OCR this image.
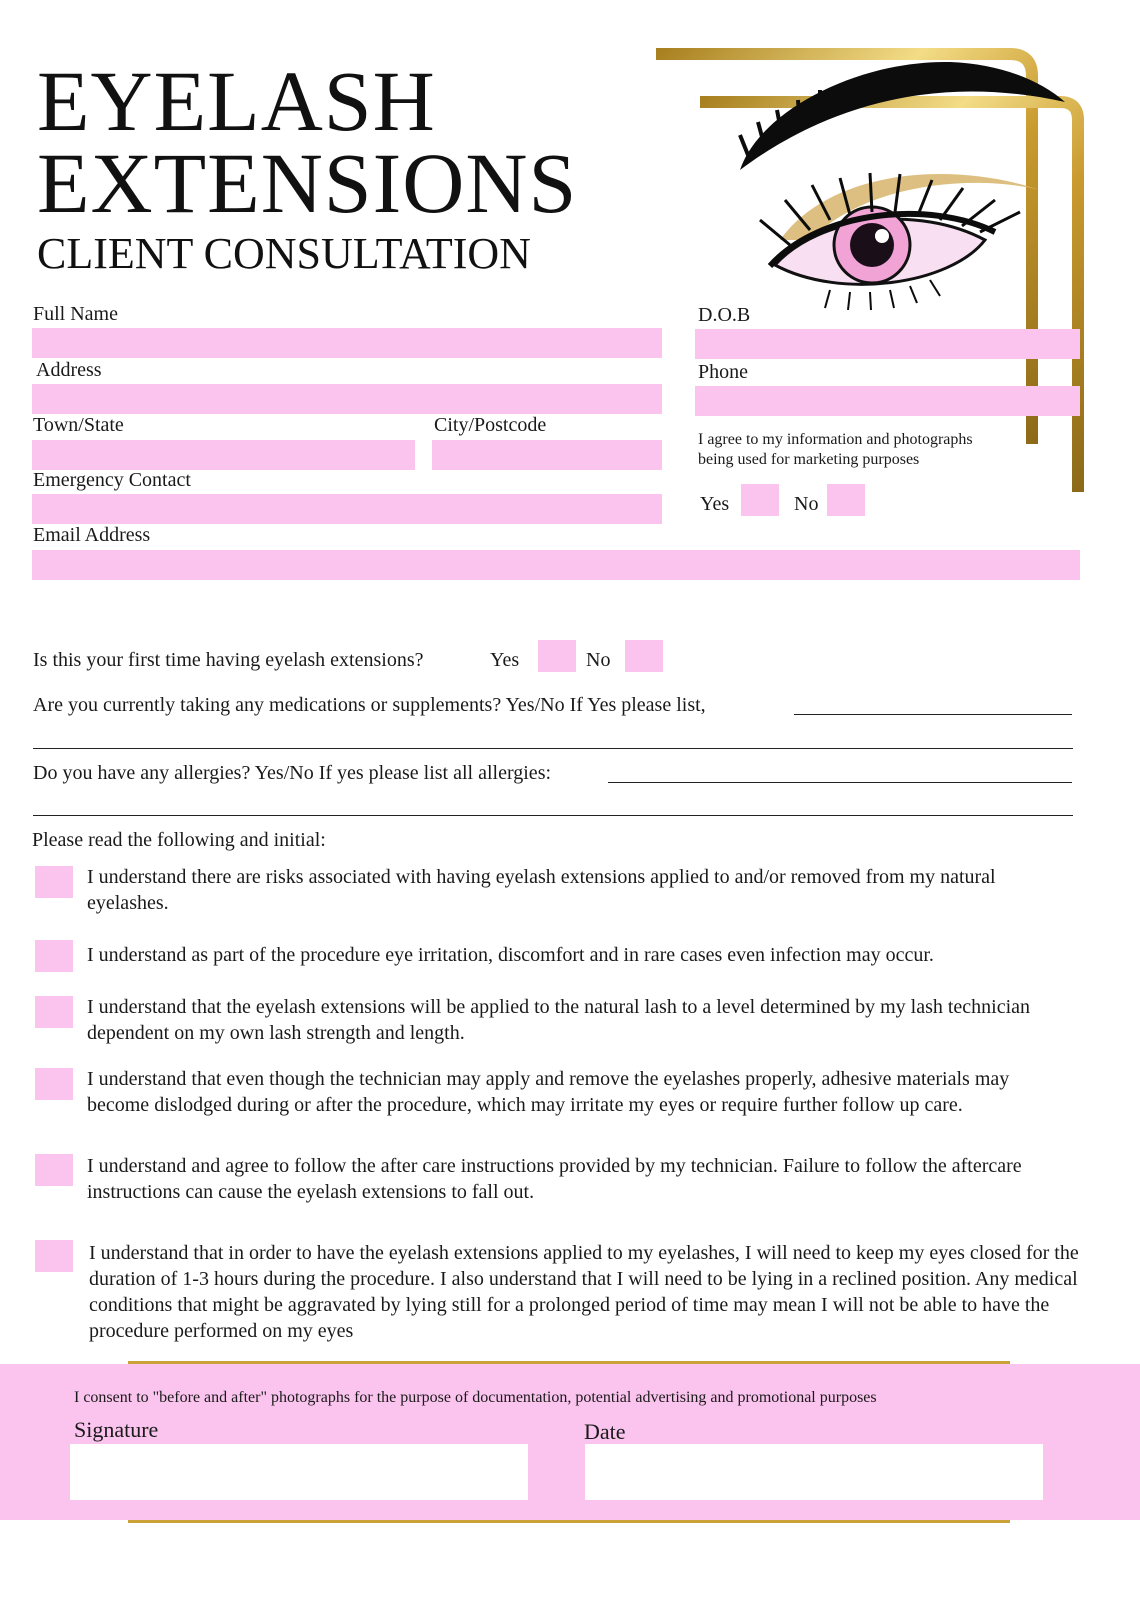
EYELASH
EXTENSIONS
CLIENT CONSULTATION
Full Name
Address
Town/State	City/Postcode
Emergency Contact
Email Address
D.O.B
Phone
I agree to my information and photographs
being used for marketing purposes
Yes	No
Is this your first time having eyelash extensions?	Yes	No
Are you currently taking any medications or supplements? Yes/No If Yes please list,
Do you have any allergies? Yes/No If yes please list all allergies:
Please read the following and initial:
I understand there are risks associated with having eyelash extensions applied to and/or removed from my natural eyelashes.
I understand as part of the procedure eye irritation, discomfort and in rare cases even infection may occur.
I understand that the eyelash extensions will be applied to the natural lash to a level determined by my lash technician dependent on my own lash strength and length.
I understand that even though the technician may apply and remove the eyelashes properly, adhesive materials may become dislodged during or after the procedure, which may irritate my eyes or require further follow up care.
I understand and agree to follow the after care instructions provided by my technician. Failure to follow the aftercare instructions can cause the eyelash extensions to fall out.
I understand that in order to have the eyelash extensions applied to my eyelashes, I will need to keep my eyes closed for the duration of 1-3 hours during the procedure. I also understand that I will need to be lying in a reclined position. Any medical conditions that might be aggravated by lying still for a prolonged period of time may mean I will not be able to have the procedure performed on my eyes
I consent to "before and after" photographs for the purpose of documentation, potential advertising and promotional purposes
Signature	Date
